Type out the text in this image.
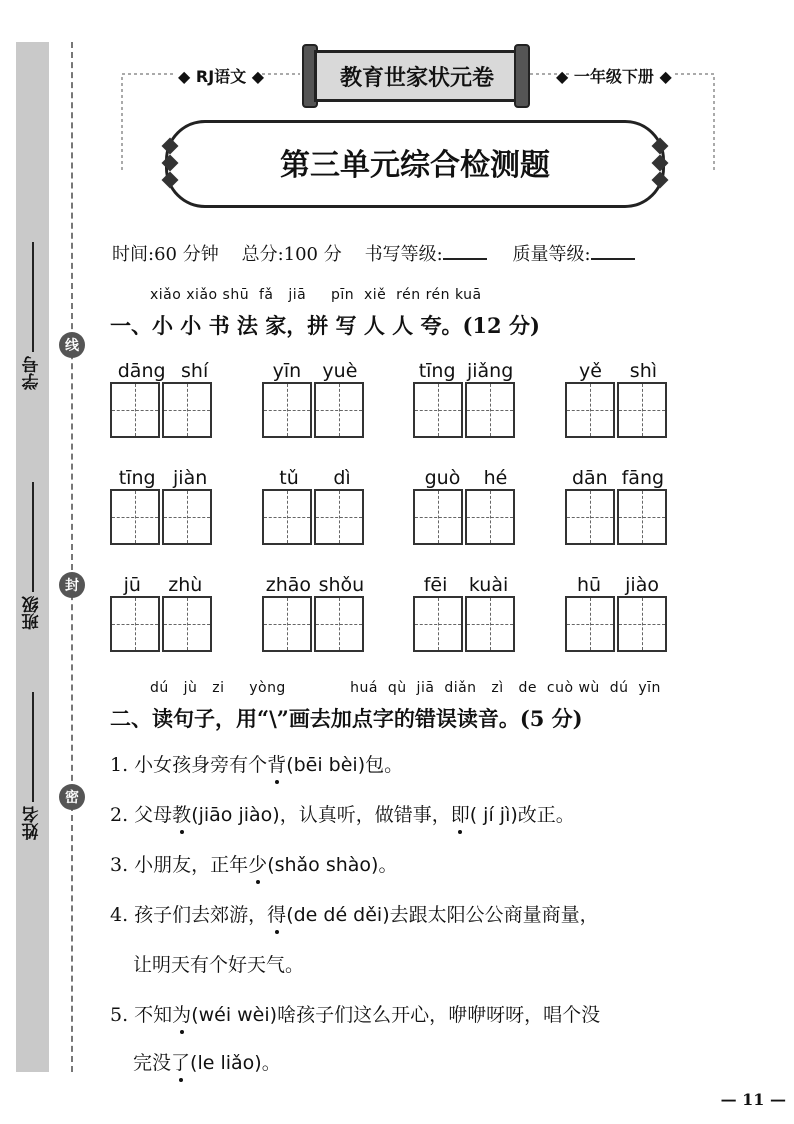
线
封
密
学号
班级
姓名
◆ RJ语文 ◆	教育世家状元卷	◆ 一年级下册 ◆
第三单元综合检测题
时间:60 分钟 总分:100 分 书写等级:	质量等级:
xiǎo xiǎo shū  fǎ   jiā     pīn  xiě  rén rén kuā
一、小 小 书 法 家，拼 写 人 人 夸。(12 分)
dāng shí	yīn yuè	tīng jiǎng	yě shì
tīng jiàn	tǔ dì	guò hé	dān fāng
jū zhù	zhāo shǒu	fēi kuài	hū jiào
dú   jù   zi     yòng             huá  qù  jiā  diǎn   zì   de  cuò wù  dú  yīn
二、读句子，用“\”画去加点字的错误读音。(5 分)
1. 小女孩身旁有个背(bēi bèi)包。
2. 父母教(jiāo jiào)，认真听，做错事，即( jí jì)改正。
3. 小朋友，正年少(shǎo shào)。
4. 孩子们去郊游，得(de dé děi)去跟太阳公公商量商量，
让明天有个好天气。
5. 不知为(wéi wèi)啥孩子们这么开心，咿咿呀呀，唱个没
完没了(le liǎo)。
— 11 —
